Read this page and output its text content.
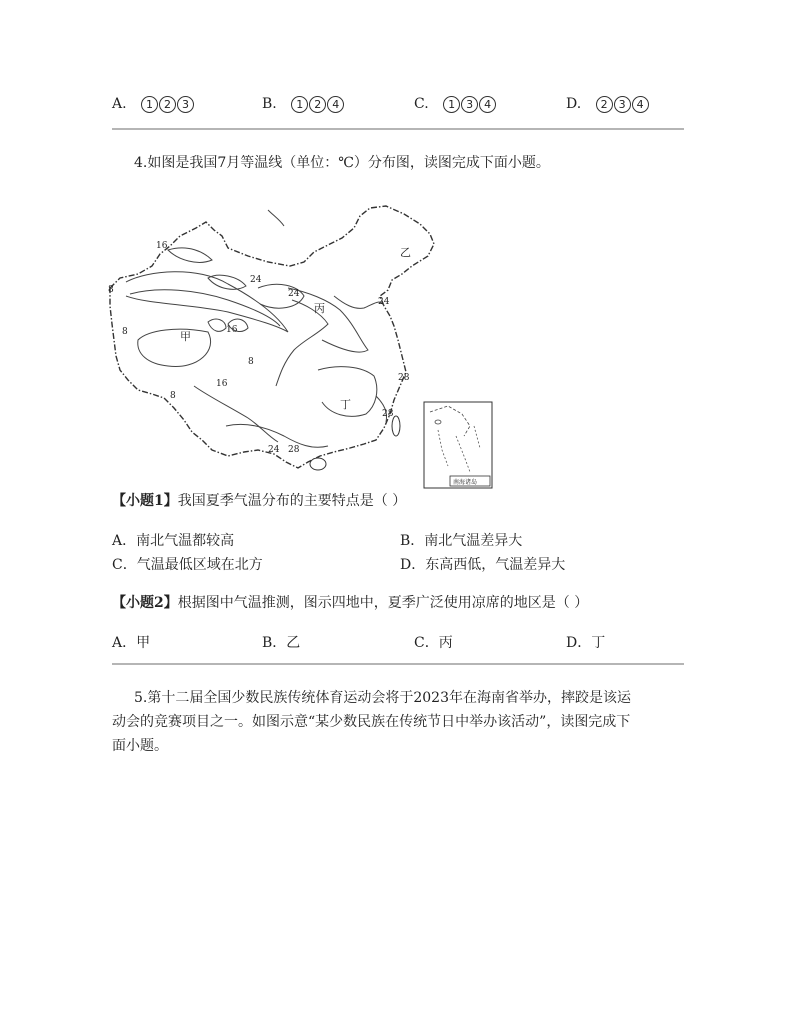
A. 1 2 3	B. 1 2 4	C. 1 3 4	D. 2 3 4
4.如图是我国7月等温线（单位：℃）分布图，读图完成下面小题。
16
24
8	24
16
8
8
16
8
24
28
28
24 28
甲
乙
丙
丁
南海诸岛
【小题1】我国夏季气温分布的主要特点是（ ）
A．南北气温都较高	B．南北气温差异大
C．气温最低区域在北方	D．东高西低，气温差异大
【小题2】根据图中气温推测，图示四地中，夏季广泛使用凉席的地区是（ ）
A．甲	B．乙	C．丙	D．丁
5.第十二届全国少数民族传统体育运动会将于2023年在海南省举办，摔跤是该运
动会的竞赛项目之一。如图示意“某少数民族在传统节日中举办该活动”，读图完成下
面小题。
